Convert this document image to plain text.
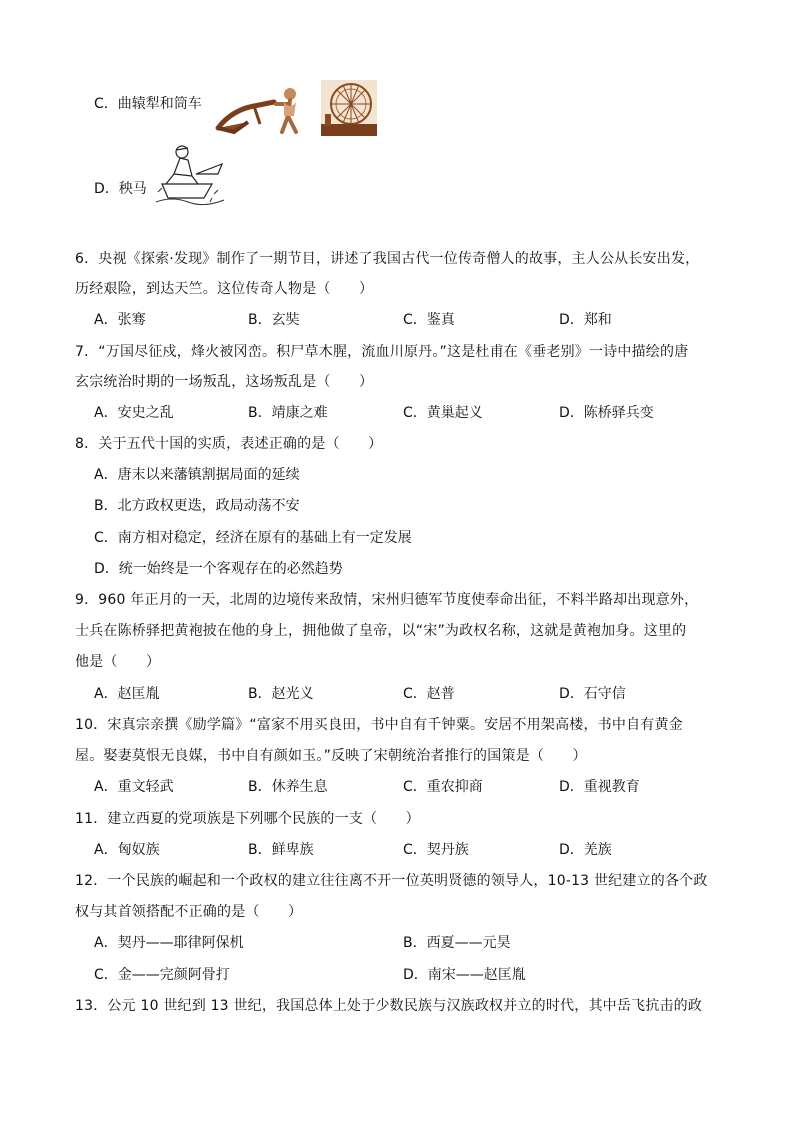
C．曲辕犁和筒车
D．秧马
6．央视《探索·发现》制作了一期节目，讲述了我国古代一位传奇僧人的故事，主人公从长安出发，
历经艰险，到达天竺。这位传奇人物是（　　）
A．张骞	B．玄奘	C．鉴真	D．郑和
7．“万国尽征戍，烽火被冈峦。积尸草木腥，流血川原丹。”这是杜甫在《垂老别》一诗中描绘的唐
玄宗统治时期的一场叛乱，这场叛乱是（　　）
A．安史之乱	B．靖康之难	C．黄巢起义	D．陈桥驿兵变
8．关于五代十国的实质，表述正确的是（　　）
A．唐末以来藩镇割据局面的延续
B．北方政权更迭，政局动荡不安
C．南方相对稳定，经济在原有的基础上有一定发展
D．统一始终是一个客观存在的必然趋势
9．960 年正月的一天，北周的边境传来敌情，宋州归德军节度使奉命出征，不料半路却出现意外，
士兵在陈桥驿把黄袍披在他的身上，拥他做了皇帝，以“宋”为政权名称，这就是黄袍加身。这里的
他是（　　）
A．赵匡胤	B．赵光义	C．赵普	D．石守信
10．宋真宗亲撰《励学篇》“富家不用买良田，书中自有千钟粟。安居不用架高楼，书中自有黄金
屋。娶妻莫恨无良媒，书中自有颜如玉。”反映了宋朝统治者推行的国策是（　　）
A．重文轻武	B．休养生息	C．重农抑商	D．重视教育
11．建立西夏的党项族是下列哪个民族的一支（　　）
A．匈奴族	B．鲜卑族	C．契丹族	D．羌族
12．一个民族的崛起和一个政权的建立往往离不开一位英明贤德的领导人，10-13 世纪建立的各个政
权与其首领搭配不正确的是（　　）
A．契丹——耶律阿保机	B．西夏——元昊
C．金——完颜阿骨打	D．南宋——赵匡胤
13．公元 10 世纪到 13 世纪，我国总体上处于少数民族与汉族政权并立的时代，其中岳飞抗击的政
